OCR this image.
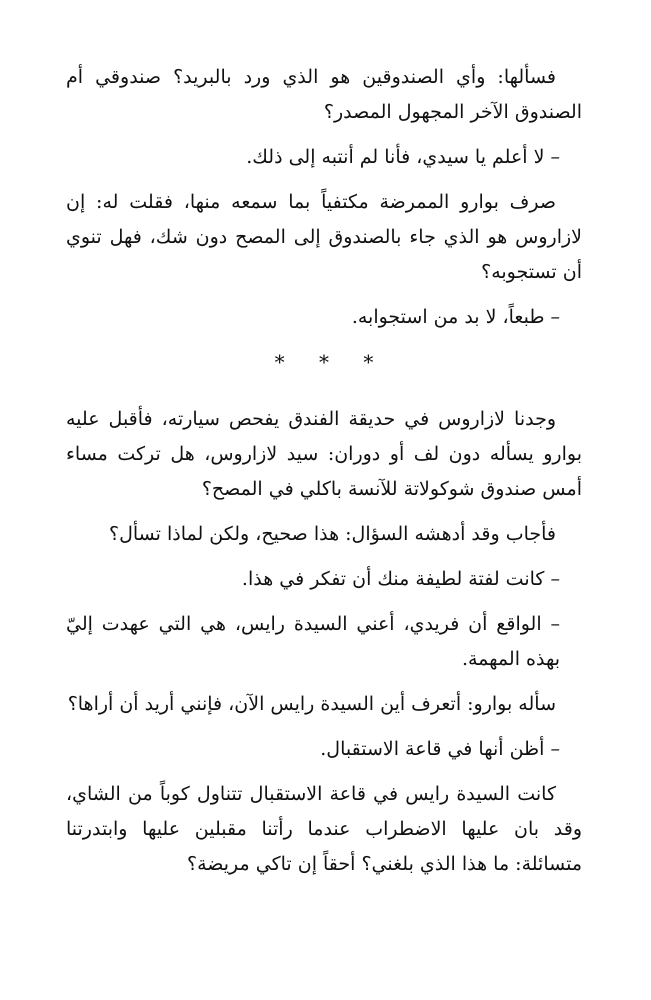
فسألها: وأي الصندوقين هو الذي ورد بالبريد؟ صندوقي أم الصندوق الآخر المجهول المصدر؟

– لا أعلم يا سيدي، فأنا لم أنتبه إلى ذلك.

صرف بوارو الممرضة مكتفياً بما سمعه منها، فقلت له: إن لازاروس هو الذي جاء بالصندوق إلى المصح دون شك، فهل تنوي أن تستجوبه؟

– طبعاً، لا بد من استجوابه.

* * *

وجدنا لازاروس في حديقة الفندق يفحص سيارته، فأقبل عليه بوارو يسأله دون لف أو دوران: سيد لازاروس، هل تركت مساء أمس صندوق شوكولاتة للآنسة باكلي في المصح؟

فأجاب وقد أدهشه السؤال: هذا صحيح، ولكن لماذا تسأل؟

– كانت لفتة لطيفة منك أن تفكر في هذا.

– الواقع أن فريدي، أعني السيدة رايس، هي التي عهدت إليّ بهذه المهمة.

سأله بوارو: أتعرف أين السيدة رايس الآن، فإنني أريد أن أراها؟

– أظن أنها في قاعة الاستقبال.

كانت السيدة رايس في قاعة الاستقبال تتناول كوباً من الشاي، وقد بان عليها الاضطراب عندما رأتنا مقبلين عليها وابتدرتنا متسائلة: ما هذا الذي بلغني؟ أحقاً إن تاكي مريضة؟
